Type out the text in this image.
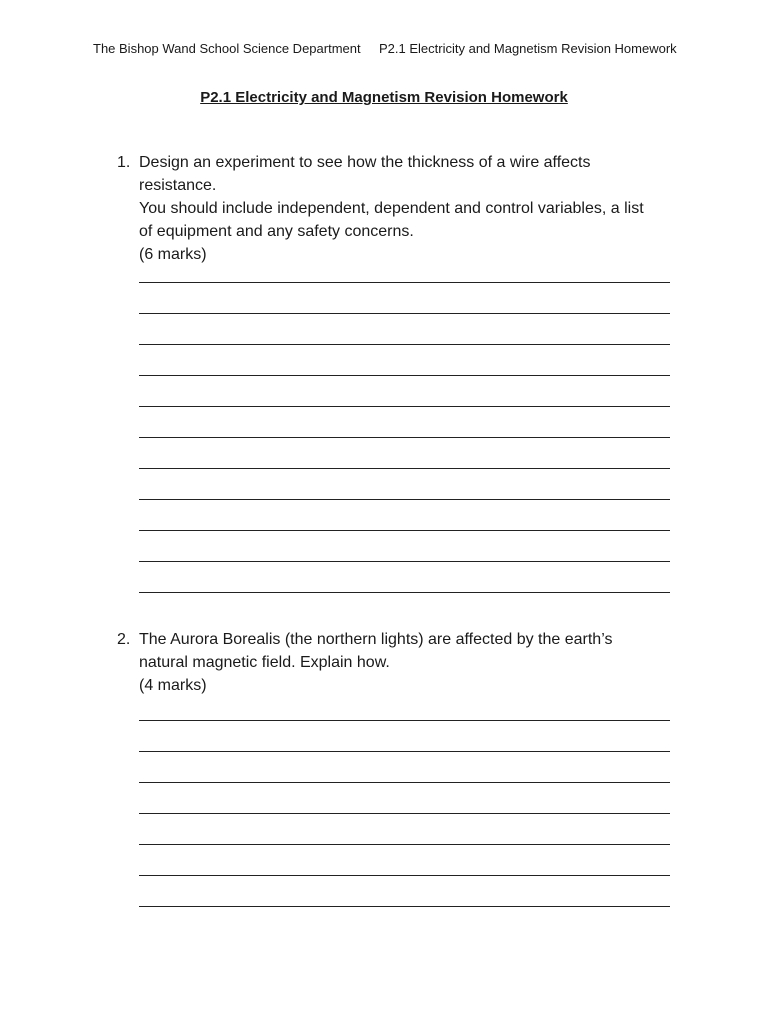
The Bishop Wand School Science Department P2.1 Electricity and Magnetism Revision Homework
P2.1 Electricity and Magnetism Revision Homework
1. Design an experiment to see how the thickness of a wire affects
resistance.
You should include independent, dependent and control variables, a list
of equipment and any safety concerns.
(6 marks)
2. The Aurora Borealis (the northern lights) are affected by the earth’s
natural magnetic field. Explain how.
(4 marks)
